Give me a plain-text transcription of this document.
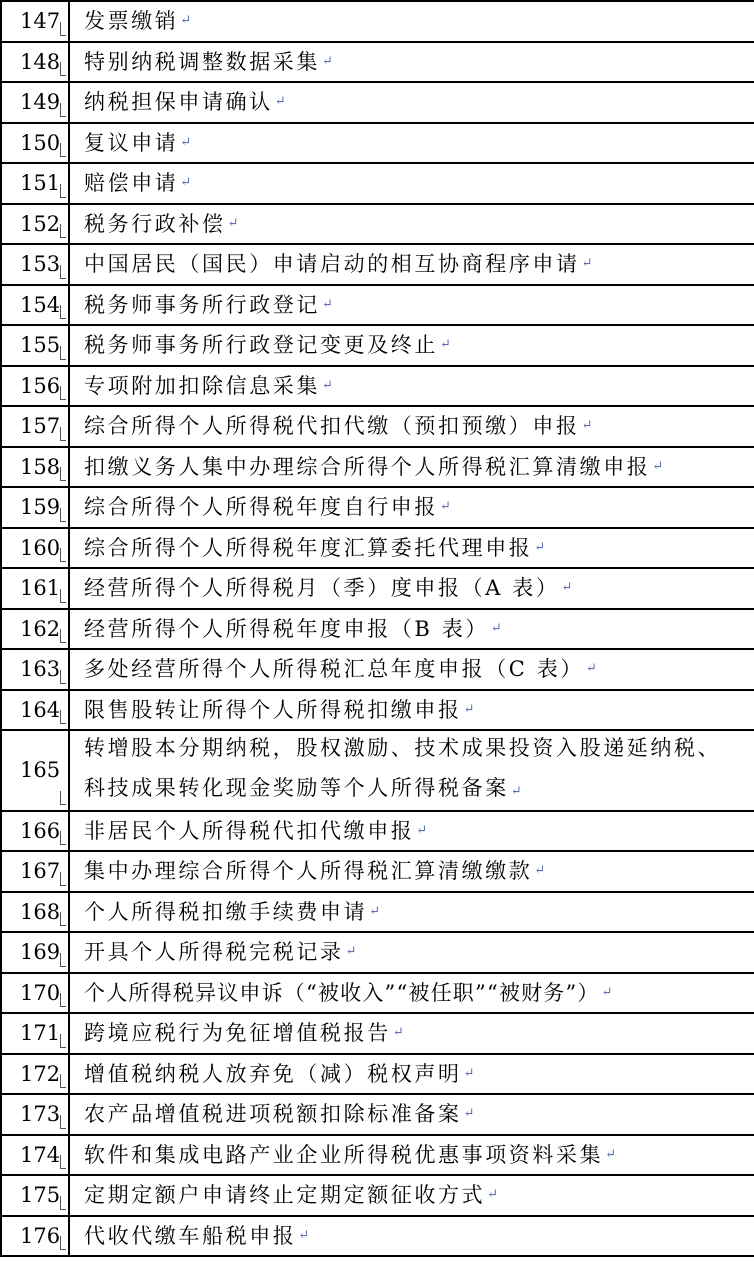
147 发票缴销 ↵
148 特别纳税调整数据采集 ↵
149 纳税担保申请确认 ↵
150 复议申请 ↵
151 赔偿申请 ↵
152 税务行政补偿 ↵
153 中国居民（国民）申请启动的相互协商程序申请 ↵
154 税务师事务所行政登记 ↵
155 税务师事务所行政登记变更及终止 ↵
156 专项附加扣除信息采集 ↵
157 综合所得个人所得税代扣代缴（预扣预缴）申报 ↵
158 扣缴义务人集中办理综合所得个人所得税汇算清缴申报 ↵
159 综合所得个人所得税年度自行申报 ↵
160 综合所得个人所得税年度汇算委托代理申报 ↵
161 经营所得个人所得税月（季）度申报（A 表） ↵
162 经营所得个人所得税年度申报（B 表） ↵
163 多处经营所得个人所得税汇总年度申报（C 表） ↵
164 限售股转让所得个人所得税扣缴申报 ↵
165
转增股本分期纳税，股权激励、技术成果投资入股递延纳税、
科技成果转化现金奖励等个人所得税备案 ↵
166 非居民个人所得税代扣代缴申报 ↵
167 集中办理综合所得个人所得税汇算清缴缴款 ↵
168 个人所得税扣缴手续费申请 ↵
169 开具个人所得税完税记录 ↵
170 个人所得税异议申诉（“被收入”“被任职”“被财务”） ↵
171 跨境应税行为免征增值税报告 ↵
172 增值税纳税人放弃免（减）税权声明 ↵
173 农产品增值税进项税额扣除标准备案 ↵
174 软件和集成电路产业企业所得税优惠事项资料采集 ↵
175 定期定额户申请终止定期定额征收方式 ↵
176 代收代缴车船税申报 ↵
